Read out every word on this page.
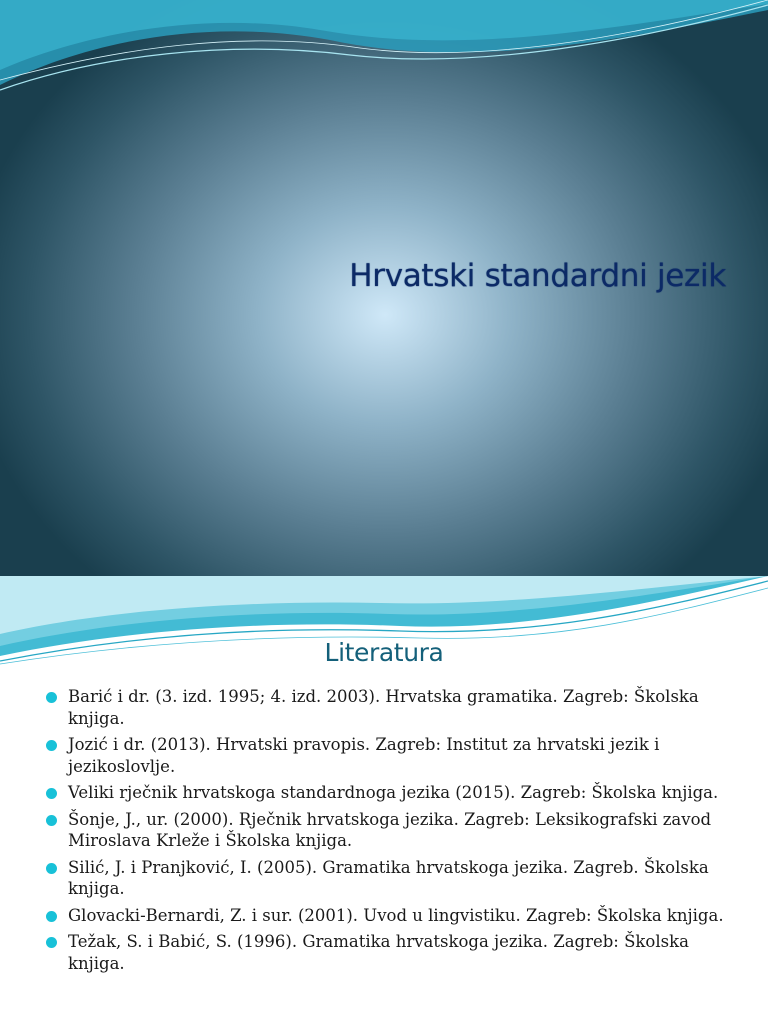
Hrvatski standardni jezik
Literatura
Barić i dr. (3. izd. 1995; 4. izd. 2003). Hrvatska gramatika. Zagreb: Školska knjiga.
Jozić i dr. (2013). Hrvatski pravopis. Zagreb: Institut za hrvatski jezik i jezikoslovlje.
Veliki rječnik hrvatskoga standardnoga jezika (2015). Zagreb: Školska knjiga.
Šonje, J., ur. (2000). Rječnik hrvatskoga jezika. Zagreb: Leksikografski zavod Miroslava Krleže i Školska knjiga.
Silić, J. i Pranjković, I. (2005). Gramatika hrvatskoga jezika. Zagreb. Školska knjiga.
Glovacki-Bernardi, Z. i sur. (2001). Uvod u lingvistiku. Zagreb: Školska knjiga.
Težak, S. i Babić, S. (1996). Gramatika hrvatskoga jezika. Zagreb: Školska knjiga.
